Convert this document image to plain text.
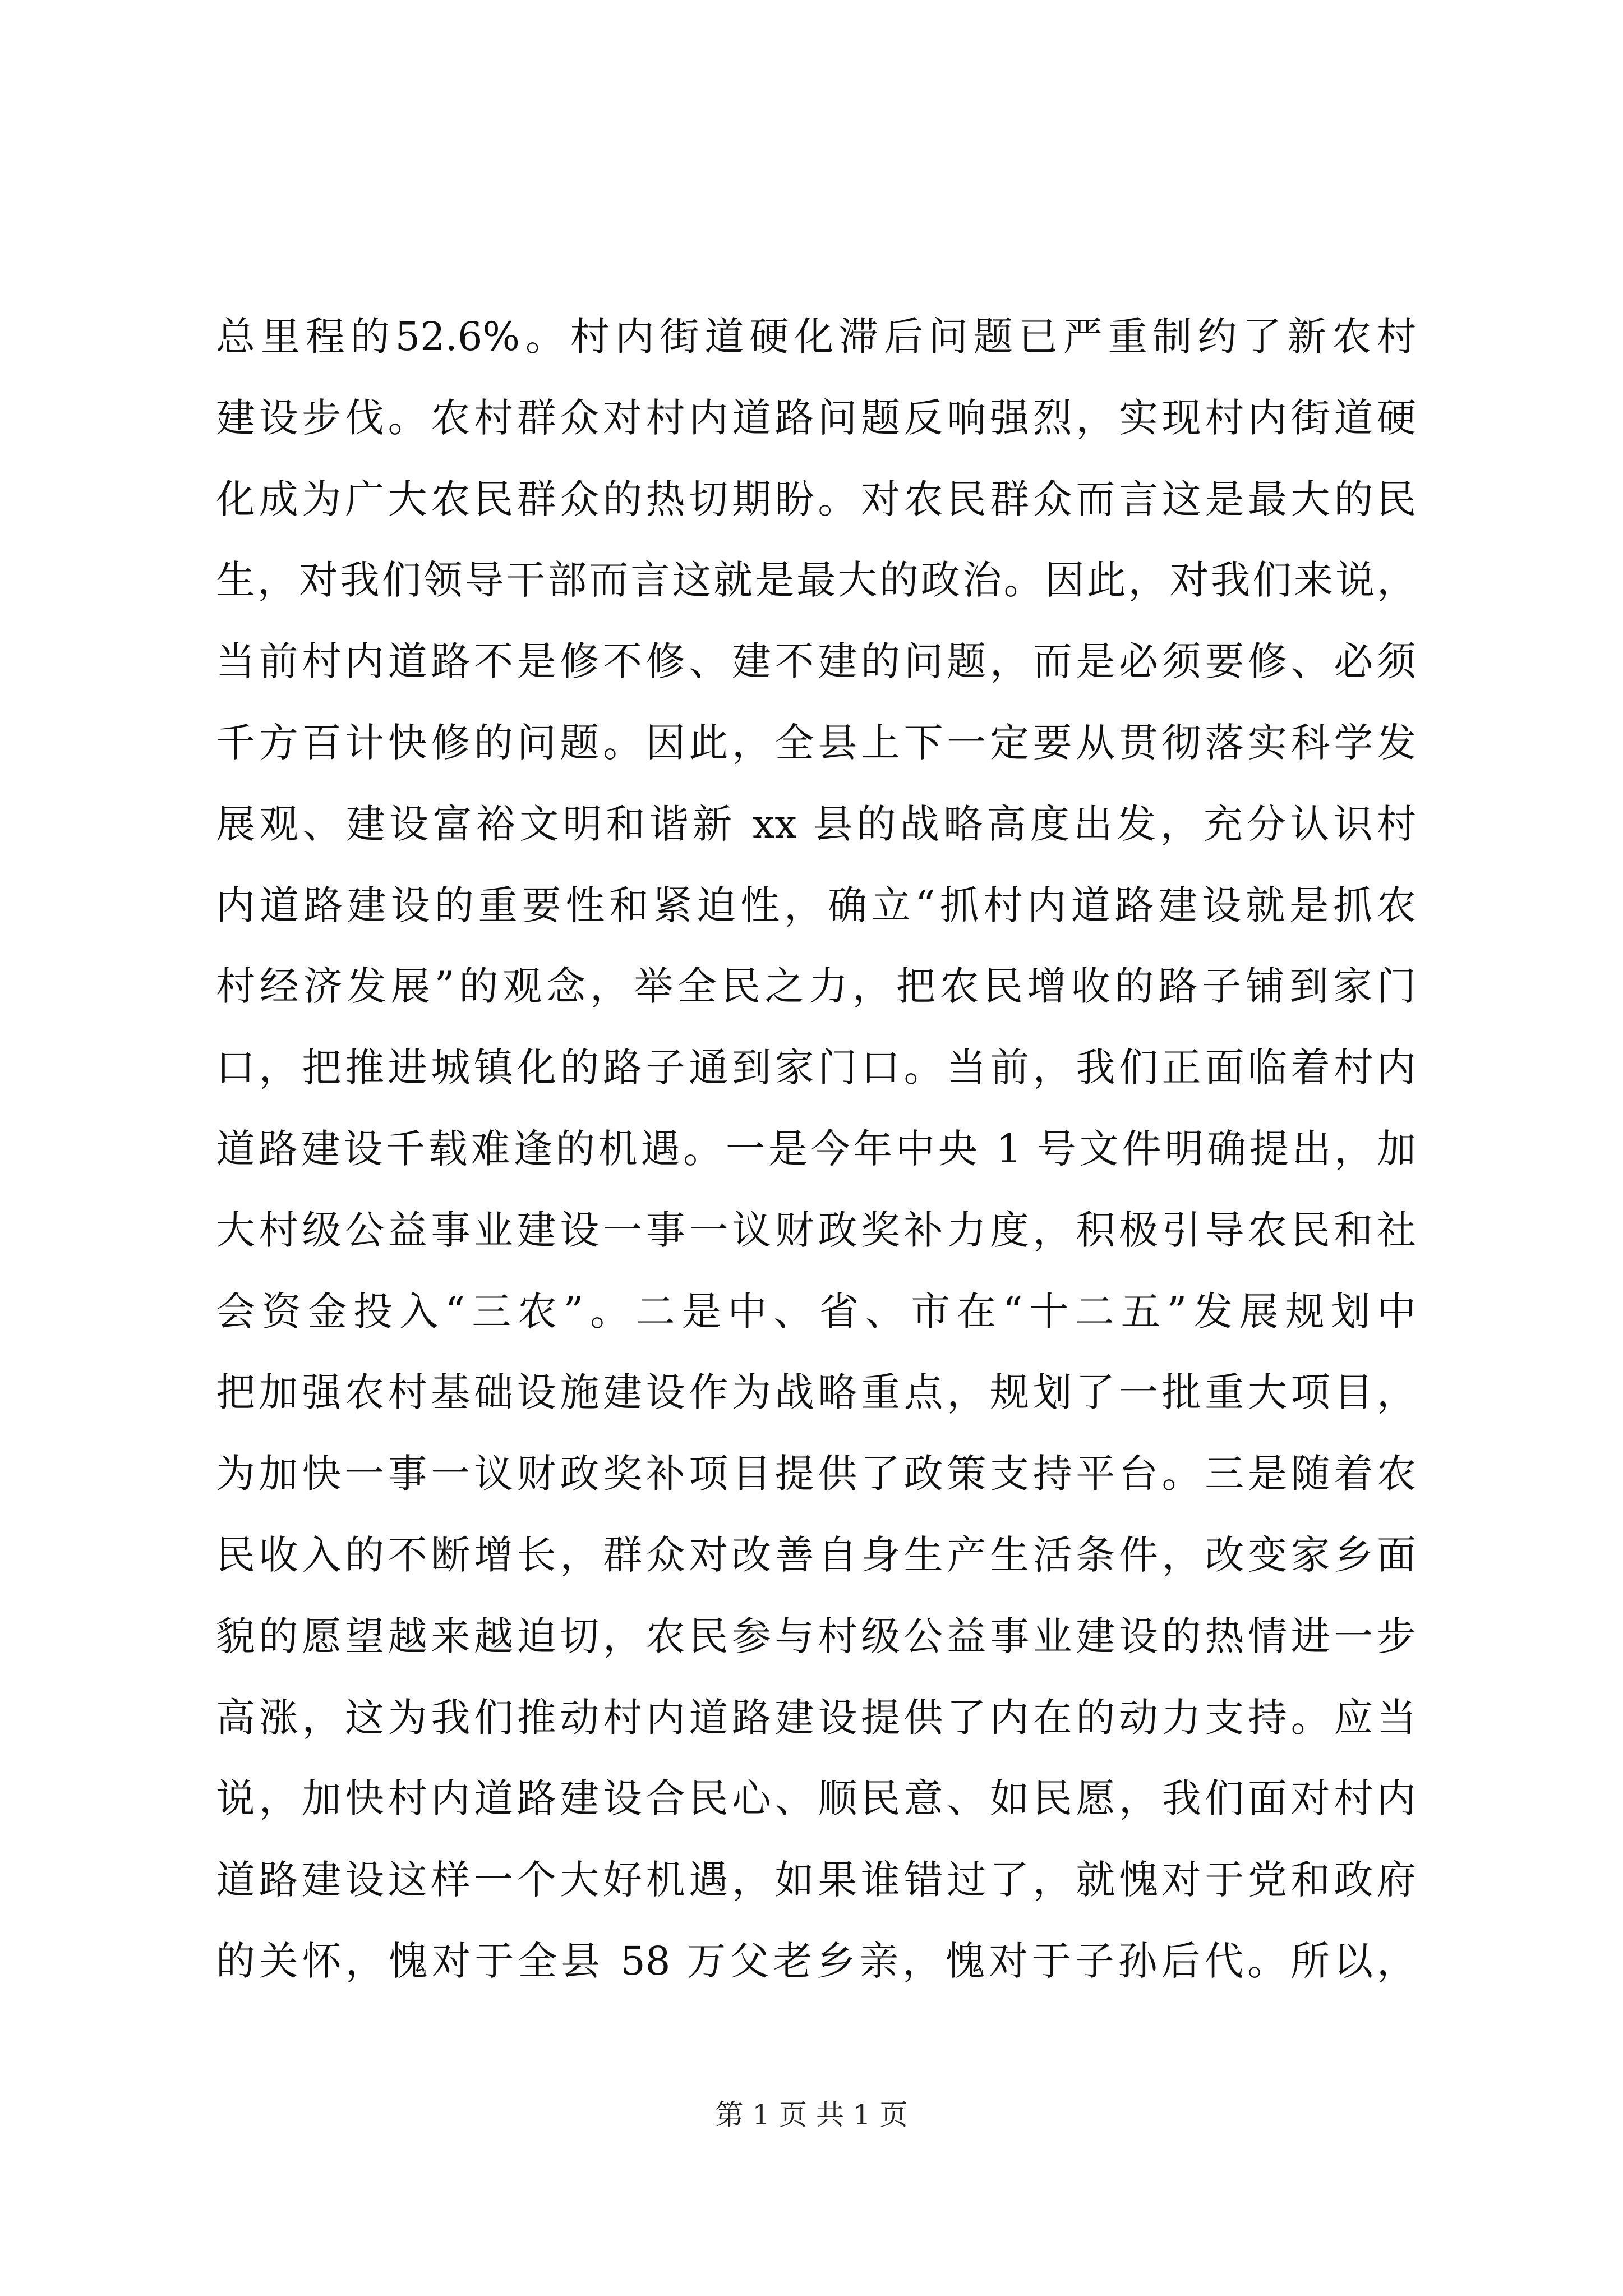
总里程的52.6%。村内街道硬化滞后问题已严重制约了新农村
建设步伐。农村群众对村内道路问题反响强烈，实现村内街道硬
化成为广大农民群众的热切期盼。对农民群众而言这是最大的民
生，对我们领导干部而言这就是最大的政治。因此，对我们来说，
当前村内道路不是修不修、建不建的问题，而是必须要修、必须
千方百计快修的问题。因此，全县上下一定要从贯彻落实科学发
展观、建设富裕文明和谐新 xx 县的战略高度出发，充分认识村
内道路建设的重要性和紧迫性，确立“抓村内道路建设就是抓农
村经济发展”的观念，举全民之力，把农民增收的路子铺到家门
口，把推进城镇化的路子通到家门口。当前，我们正面临着村内
道路建设千载难逢的机遇。一是今年中央 1 号文件明确提出，加
大村级公益事业建设一事一议财政奖补力度，积极引导农民和社
会资金投入“三农”。二是中、省、市在“十二五”发展规划中
把加强农村基础设施建设作为战略重点，规划了一批重大项目，
为加快一事一议财政奖补项目提供了政策支持平台。三是随着农
民收入的不断增长，群众对改善自身生产生活条件，改变家乡面
貌的愿望越来越迫切，农民参与村级公益事业建设的热情进一步
高涨，这为我们推动村内道路建设提供了内在的动力支持。应当
说，加快村内道路建设合民心、顺民意、如民愿，我们面对村内
道路建设这样一个大好机遇，如果谁错过了，就愧对于党和政府
的关怀，愧对于全县 58 万父老乡亲，愧对于子孙后代。所以，
第 1 页 共 1 页
